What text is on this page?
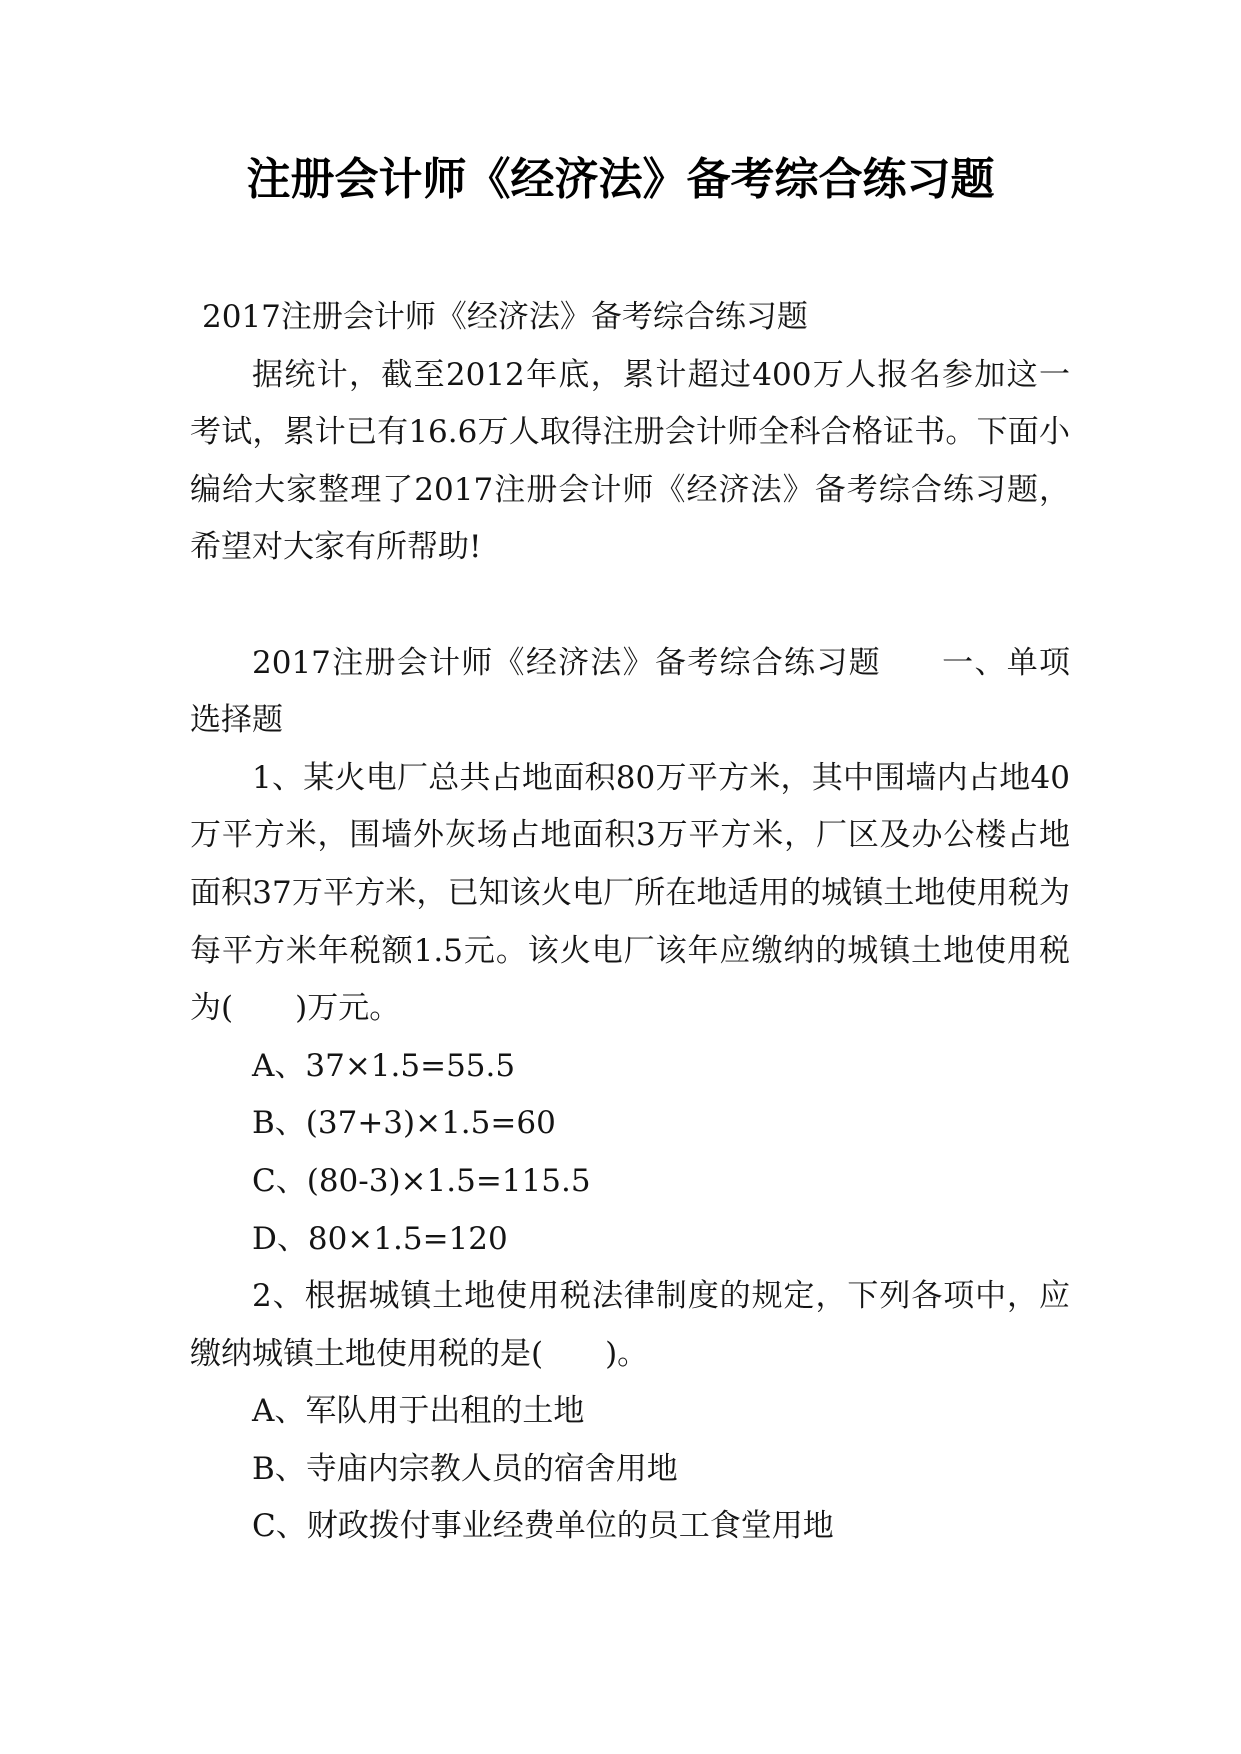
注册会计师《经济法》备考综合练习题

2017注册会计师《经济法》备考综合练习题

据统计，截至2012年底，累计超过400万人报名参加这一考试，累计已有16.6万人取得注册会计师全科合格证书。下面小编给大家整理了2017注册会计师《经济法》备考综合练习题，希望对大家有所帮助!

2017注册会计师《经济法》备考综合练习题 一、单项选择题

1、某火电厂总共占地面积80万平方米，其中围墙内占地40万平方米，围墙外灰场占地面积3万平方米，厂区及办公楼占地面积37万平方米，已知该火电厂所在地适用的城镇土地使用税为每平方米年税额1.5元。该火电厂该年应缴纳的城镇土地使用税为(　　)万元。

A、37×1.5=55.5

B、(37+3)×1.5=60

C、(80-3)×1.5=115.5

D、80×1.5=120

2、根据城镇土地使用税法律制度的规定，下列各项中，应缴纳城镇土地使用税的是(　　)。

A、军队用于出租的土地

B、寺庙内宗教人员的宿舍用地

C、财政拨付事业经费单位的员工食堂用地
